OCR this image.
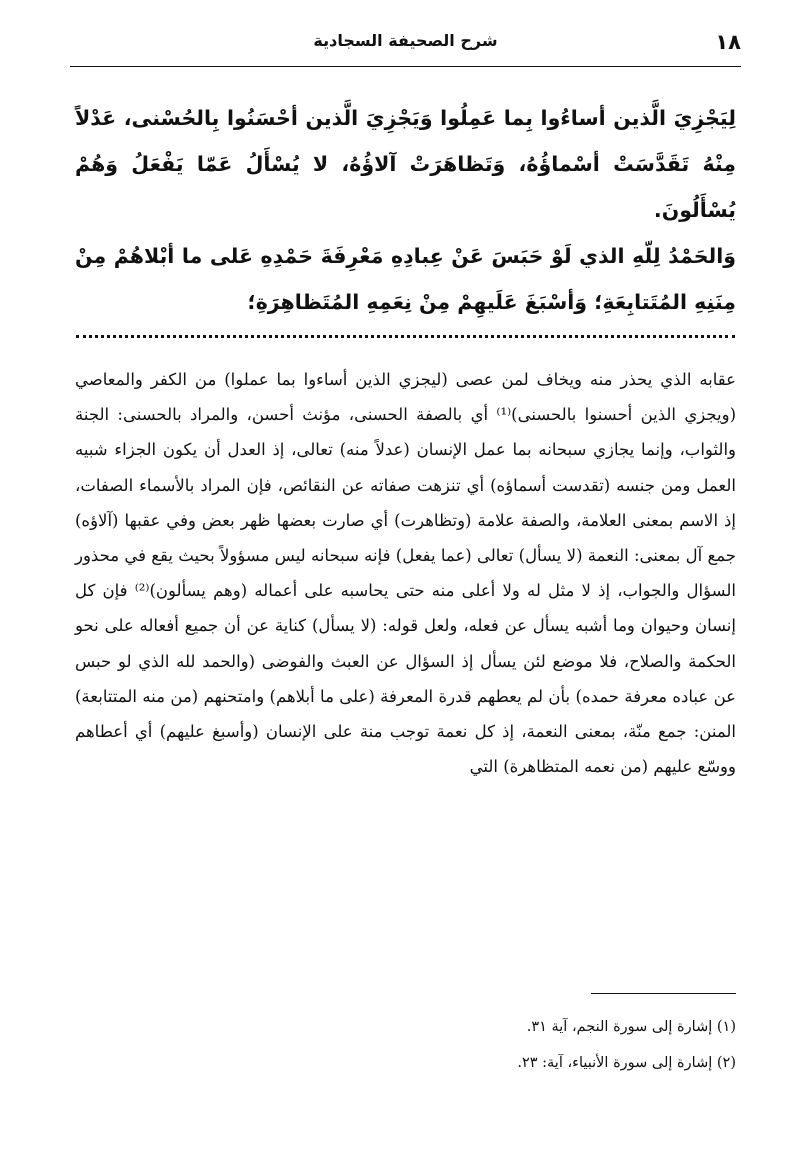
١٨
شرح الصحيفة السجادية

لِيَجْزِيَ الَّذين أساءُوا بِما عَمِلُوا وَيَجْزِيَ الَّذين أحْسَنُوا بِالحُسْنى، عَدْلاً مِنْهُ تَقَدَّسَتْ أسْماؤُهُ، وَتَظاهَرَتْ آلاؤُهُ، لا يُسْأَلُ عَمّا يَفْعَلُ وَهُمْ يُسْأَلُونَ.

وَالحَمْدُ لِلّهِ الذي لَوْ حَبَسَ عَنْ عِبادِهِ مَعْرِفَةَ حَمْدِهِ عَلى ما أبْلاهُمْ مِنْ مِنَنِهِ المُتَتابِعَةِ؛ وَأسْبَغَ عَلَيهِمْ مِنْ نِعَمِهِ المُتَظاهِرَةِ؛

عقابه الذي يحذر منه ويخاف لمن عصى (ليجزي الذين أساءوا بما عملوا) من الكفر والمعاصي (ويجزي الذين أحسنوا بالحسنى)⁽¹⁾ أي بالصفة الحسنى، مؤنث أحسن، والمراد بالحسنى: الجنة والثواب، وإنما يجازي سبحانه بما عمل الإنسان (عدلاً منه) تعالى، إذ العدل أن يكون الجزاء شبيه العمل ومن جنسه (تقدست أسماؤه) أي تنزهت صفاته عن النقائص، فإن المراد بالأسماء الصفات، إذ الاسم بمعنى العلامة، والصفة علامة (وتظاهرت) أي صارت بعضها ظهر بعض وفي عقبها (آلاؤه) جمع آل بمعنى: النعمة (لا يسأل) تعالى (عما يفعل) فإنه سبحانه ليس مسؤولاً بحيث يقع في محذور السؤال والجواب، إذ لا مثل له ولا أعلى منه حتى يحاسبه على أعماله (وهم يسألون)⁽²⁾ فإن كل إنسان وحيوان وما أشبه يسأل عن فعله، ولعل قوله: (لا يسأل) كناية عن أن جميع أفعاله على نحو الحكمة والصلاح، فلا موضع لئن يسأل إذ السؤال عن العبث والفوضى (والحمد لله الذي لو حبس عن عباده معرفة حمده) بأن لم يعطهم قدرة المعرفة (على ما أبلاهم) وامتحنهم (من منه المتتابعة) المنن: جمع منّة، بمعنى النعمة، إذ كل نعمة توجب منة على الإنسان (وأسبغ عليهم) أي أعطاهم ووسّع عليهم (من نعمه المتظاهرة) التي

(١) إشارة إلى سورة النجم، آية ٣١.
(٢) إشارة إلى سورة الأنبياء، آية: ٢٣.
